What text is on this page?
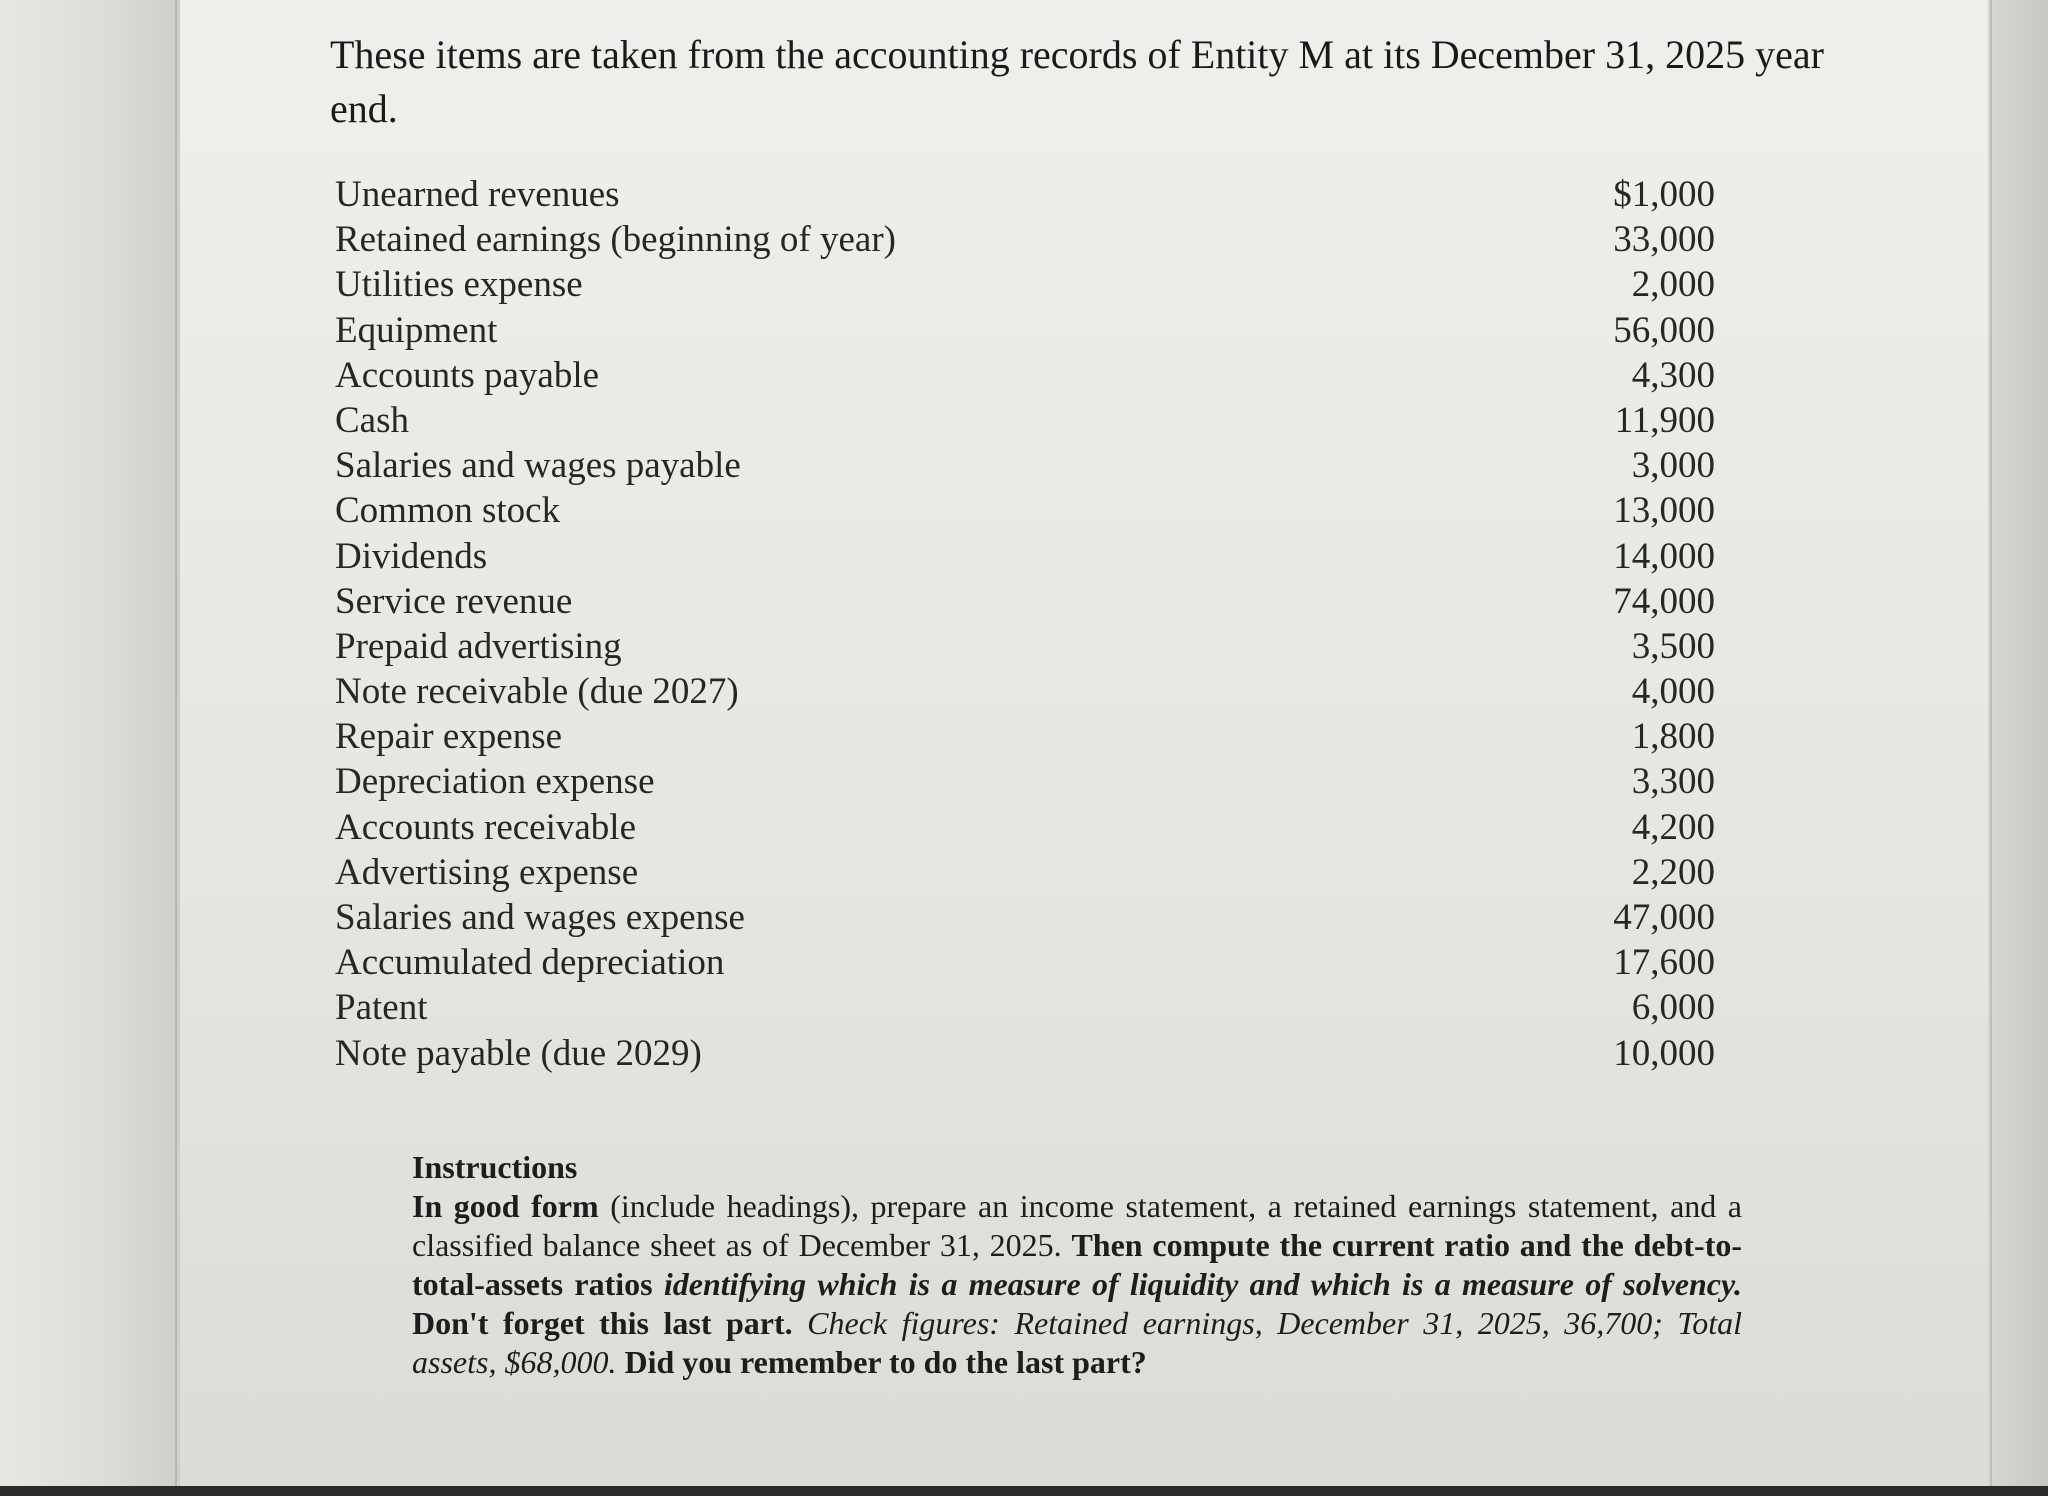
These items are taken from the accounting records of Entity M at its December 31, 2025 year end.
Unearned revenues	$1,000
Retained earnings (beginning of year)	33,000
Utilities expense	2,000
Equipment	56,000
Accounts payable	4,300
Cash	11,900
Salaries and wages payable	3,000
Common stock	13,000
Dividends	14,000
Service revenue	74,000
Prepaid advertising	3,500
Note receivable (due 2027)	4,000
Repair expense	1,800
Depreciation expense	3,300
Accounts receivable	4,200
Advertising expense	2,200
Salaries and wages expense	47,000
Accumulated depreciation	17,600
Patent	6,000
Note payable (due 2029)	10,000
Instructions
In good form (include headings), prepare an income statement, a retained earnings statement, and a classified balance sheet as of December 31, 2025. Then compute the current ratio and the debt-to-total-assets ratios identifying which is a measure of liquidity and which is a measure of solvency. Don't forget this last part. Check figures: Retained earnings, December 31, 2025, 36,700; Total assets, $68,000. Did you remember to do the last part?
